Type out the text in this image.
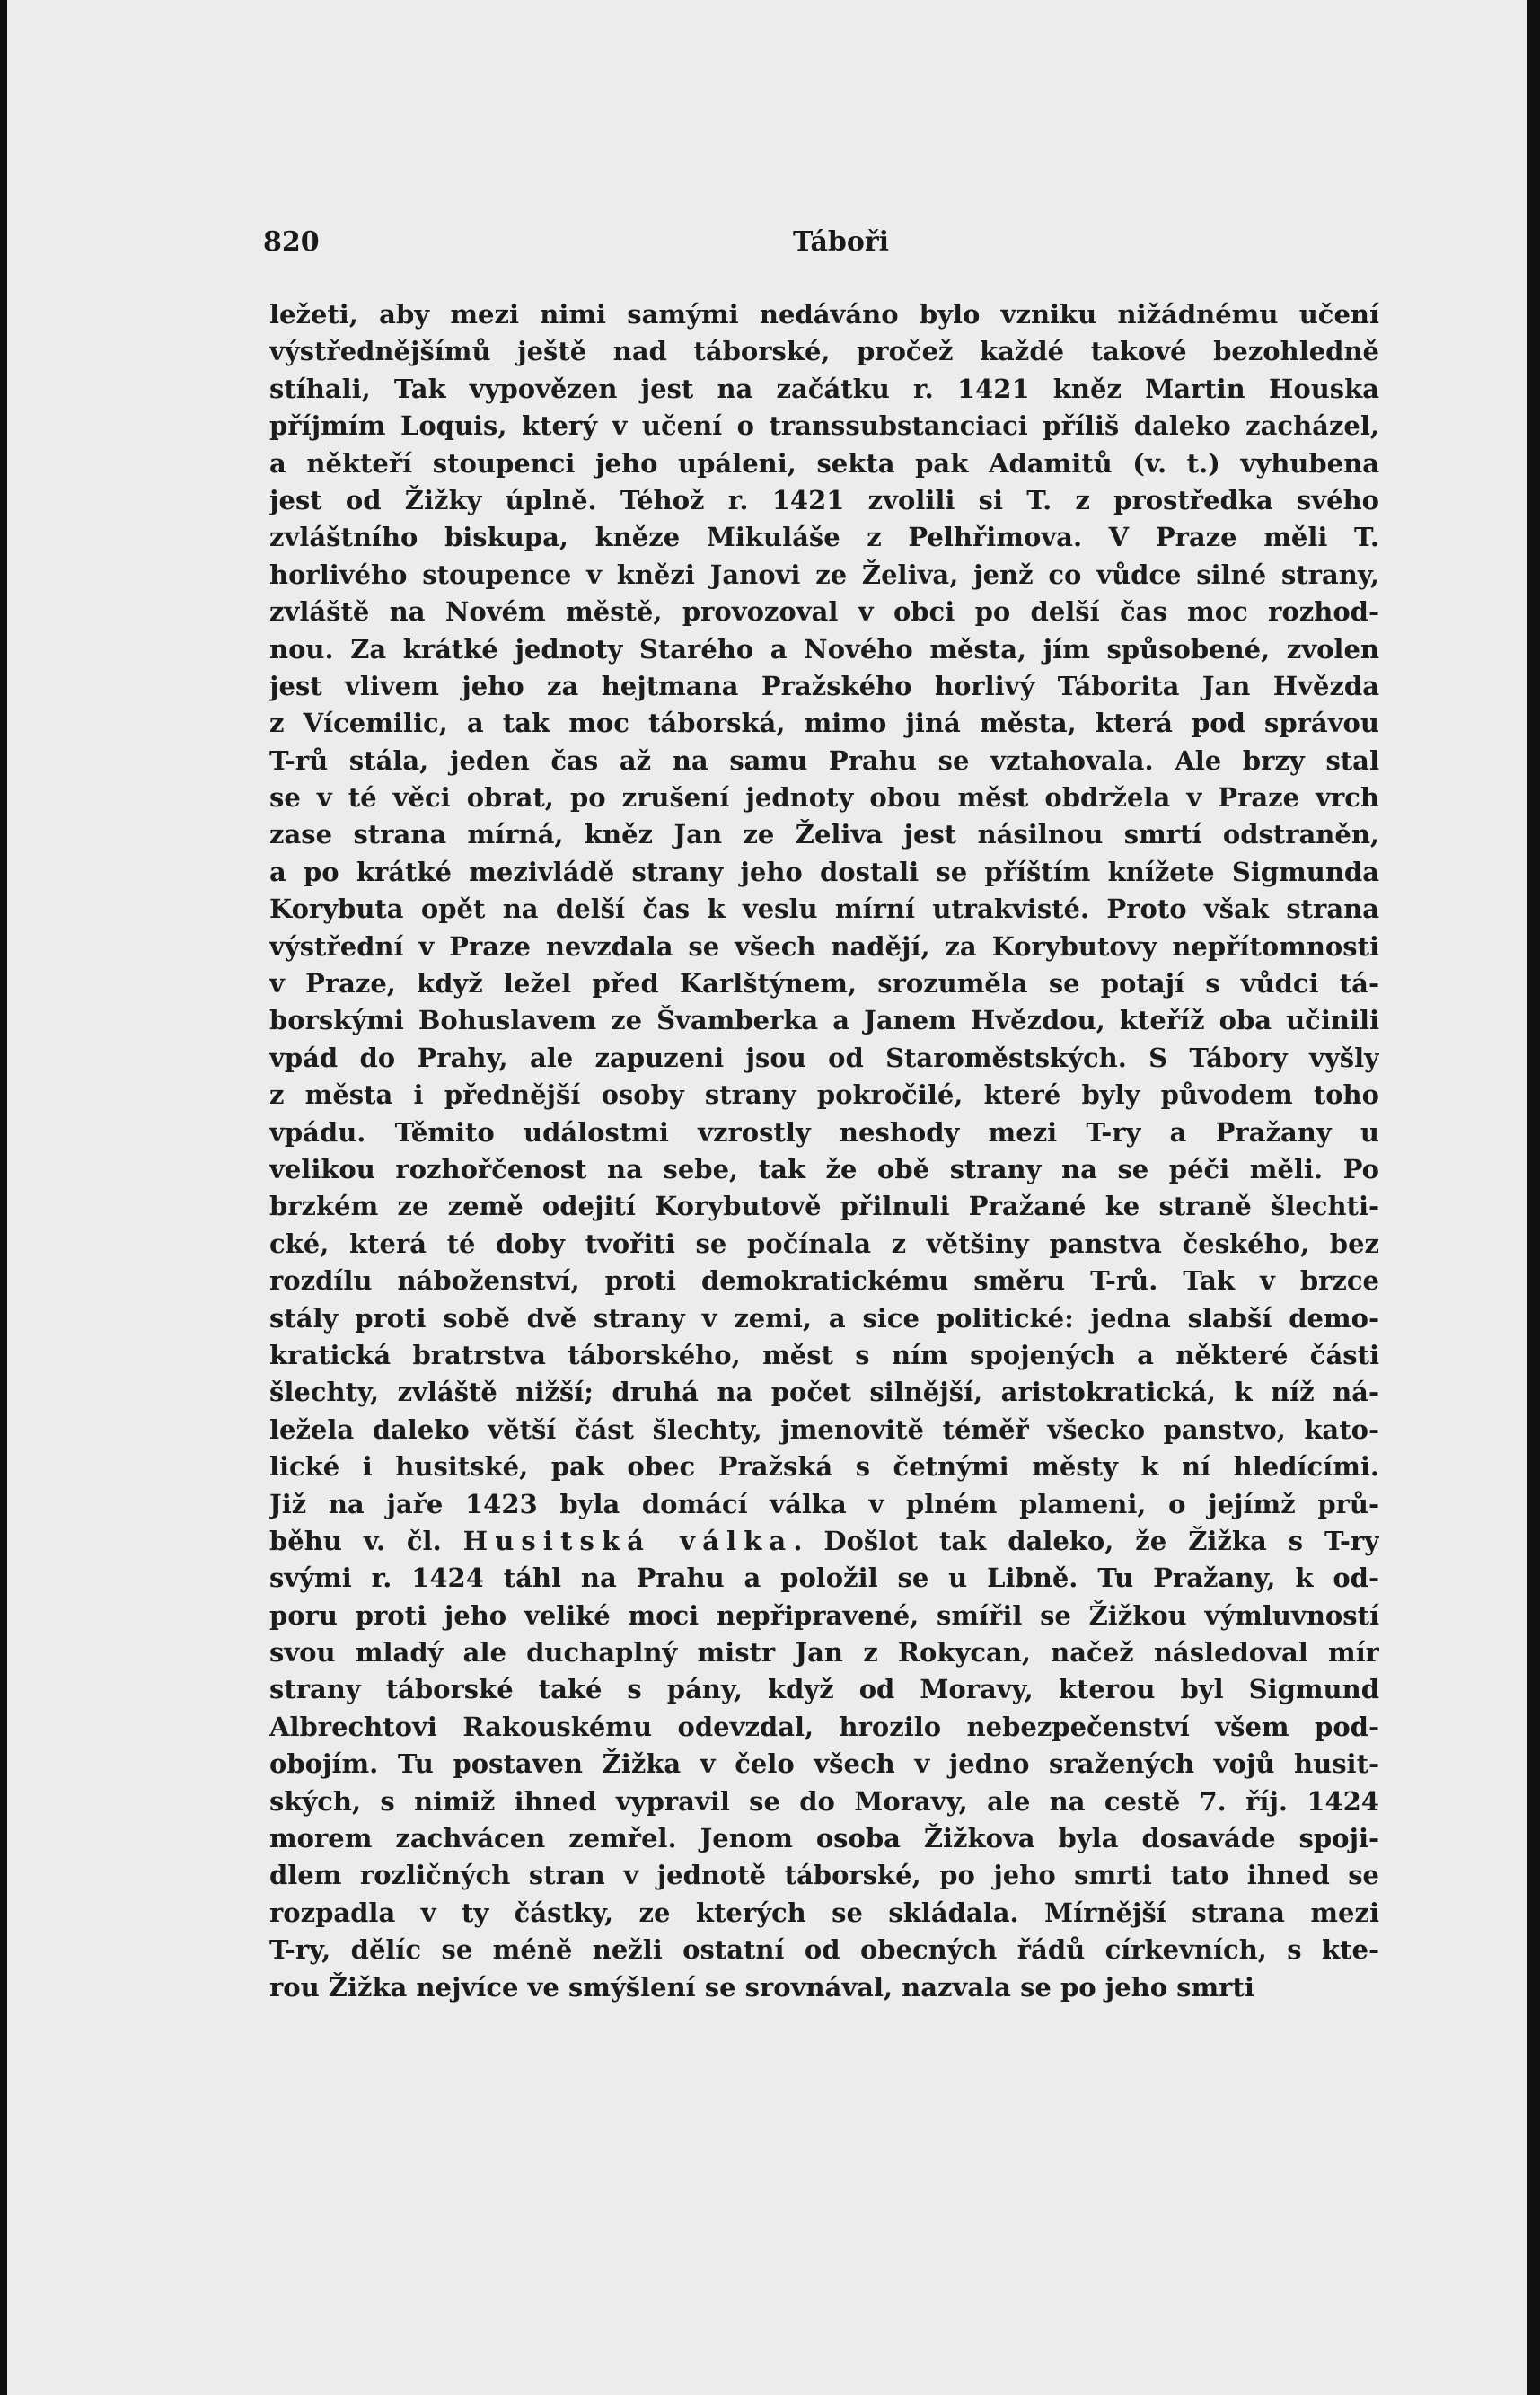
820	Táboři
ležeti, aby mezi nimi samými nedáváno bylo vzniku nižádnému učení
výstřednějšímů ještě nad táborské, pročež každé takové bezohledně
stíhali, Tak vypovězen jest na začátku r. 1421 kněz Martin Houska
příjmím Loquis, který v učení o transsubstanciaci příliš daleko zacházel,
a někteří stoupenci jeho upáleni, sekta pak Adamitů (v. t.) vyhubena
jest od Žižky úplně. Téhož r. 1421 zvolili si T. z prostředka svého
zvláštního biskupa, kněze Mikuláše z Pelhřimova. V Praze měli T.
horlivého stoupence v knězi Janovi ze Želiva, jenž co vůdce silné strany,
zvláště na Novém městě, provozoval v obci po delší čas moc rozhod-
nou. Za krátké jednoty Starého a Nového města, jím spůsobené, zvolen
jest vlivem jeho za hejtmana Pražského horlivý Táborita Jan Hvězda
z Vícemilic, a tak moc táborská, mimo jiná města, která pod správou
T-rů stála, jeden čas až na samu Prahu se vztahovala. Ale brzy stal
se v té věci obrat, po zrušení jednoty obou měst obdržela v Praze vrch
zase strana mírná, kněz Jan ze Želiva jest násilnou smrtí odstraněn,
a po krátké mezivládě strany jeho dostali se příštím knížete Sigmunda
Korybuta opět na delší čas k veslu mírní utrakvisté. Proto však strana
výstřední v Praze nevzdala se všech nadějí, za Korybutovy nepřítomnosti
v Praze, když ležel před Karlštýnem, srozuměla se potají s vůdci tá-
borskými Bohuslavem ze Švamberka a Janem Hvězdou, kteříž oba učinili
vpád do Prahy, ale zapuzeni jsou od Staroměstských. S Tábory vyšly
z města i přednější osoby strany pokročilé, které byly původem toho
vpádu. Těmito událostmi vzrostly neshody mezi T-ry a Pražany u
velikou rozhořčenost na sebe, tak že obě strany na se péči měli. Po
brzkém ze země odejití Korybutově přilnuli Pražané ke straně šlechti-
cké, která té doby tvořiti se počínala z většiny panstva českého, bez
rozdílu náboženství, proti demokratickému směru T-rů. Tak v brzce
stály proti sobě dvě strany v zemi, a sice politické: jedna slabší demo-
kratická bratrstva táborského, měst s ním spojených a některé části
šlechty, zvláště nižší; druhá na počet silnější, aristokratická, k níž ná-
ležela daleko větší část šlechty, jmenovitě téměř všecko panstvo, kato-
lické i husitské, pak obec Pražská s četnými městy k ní hledícími.
Již na jaře 1423 byla domácí válka v plném plameni, o jejímž prů-
běhu v. čl. Husitská válka. Došlot tak daleko, že Žižka s T-ry
svými r. 1424 táhl na Prahu a položil se u Libně. Tu Pražany, k od-
poru proti jeho veliké moci nepřipravené, smířil se Žižkou výmluvností
svou mladý ale duchaplný mistr Jan z Rokycan, načež následoval mír
strany táborské také s pány, když od Moravy, kterou byl Sigmund
Albrechtovi Rakouskému odevzdal, hrozilo nebezpečenství všem pod-
obojím. Tu postaven Žižka v čelo všech v jedno sražených vojů husit-
ských, s nimiž ihned vypravil se do Moravy, ale na cestě 7. říj. 1424
morem zachvácen zemřel. Jenom osoba Žižkova byla dosaváde spoji-
dlem rozličných stran v jednotě táborské, po jeho smrti tato ihned se
rozpadla v ty částky, ze kterých se skládala. Mírnější strana mezi
T-ry, dělíc se méně nežli ostatní od obecných řádů církevních, s kte-
rou Žižka nejvíce ve smýšlení se srovnával, nazvala se po jeho smrti
